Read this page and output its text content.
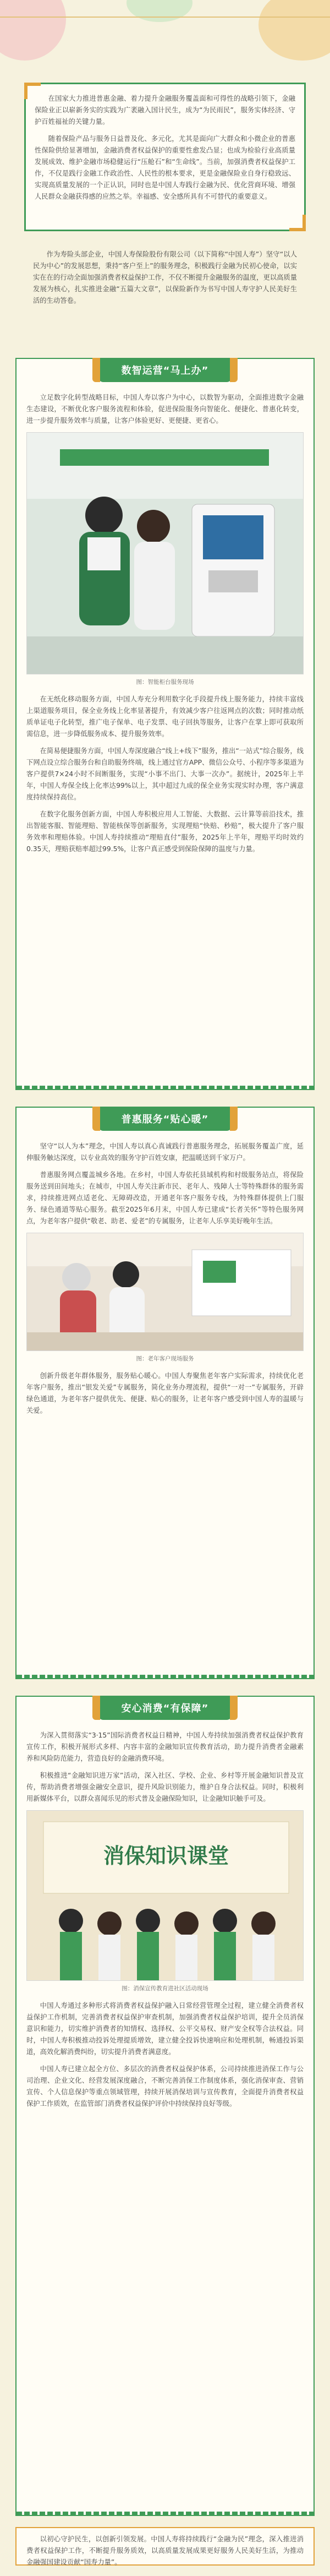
在国家大力推进普惠金融、着力提升金融服务覆盖面和可得性的战略引领下，金融保险业正以崭新务实的实践为广袤融入国计民生，成为“为民雨民”，服务实体经济、守护百姓福祉的关键力量。

随着保险产品与服务日益普及化、多元化，尤其是面向广大群众和小微企业的普惠性保险供给显著增加，金融消费者权益保护的重要性愈发凸显；也成为检验行业高质量发展成效、维护金融市场稳健运行“压舱石”和“生命线”。当前，加强消费者权益保护工作，不仅是践行金融工作政治性、人民性的根本要求，更是金融保险业自身行稳致远、实现高质量发展的一个正认识，同时也是中国人寿践行金融为民、优化营商环境、增强人民群众金融获得感的应然之举。幸福感、安全感所具有不可替代的重要意义。

作为寿险头部企业，中国人寿保险股份有限公司（以下简称“中国人寿”）坚守“以人民为中心”的发展思想，秉持“客户至上”的服务理念，积极践行金融为民初心使命，以实实在在的行动全面加强消费者权益保护工作，不仅不断提升金融服务的温度，更以高质量发展为核心，扎实推进金融“五篇大文章”，以保险新作为书写中国人寿守护人民美好生活的生动答卷。

数智运营“马上办”

立足数字化转型战略目标，中国人寿以客户为中心，以数智为驱动，全面推进数字金融生态建设，不断优化客户服务流程和体验，促进保险服务向智能化、便捷化、普惠化转变，进一步提升服务效率与质量，让客户体验更好、更便捷、更省心。

图：智能柜台服务现场

在无纸化移动服务方面，中国人寿充分利用数字化手段提升线上服务能力，持续丰富线上渠道服务项目，保全业务线上化率显著提升，有效减少客户往返网点的次数；同时推动纸质单证电子化转型，推广电子保单、电子发票、电子回执等服务，让客户在掌上即可获取所需信息，进一步降低服务成本、提升服务效率。

在简易便捷服务方面，中国人寿深度融合“线上+线下”服务，推出“一站式”综合服务，线下网点设立综合服务台和自助服务终端，线上通过官方APP、微信公众号、小程序等多渠道为客户提供7×24小时不间断服务，实现“小事不出门、大事一次办”。据统计，2025年上半年，中国人寿保全线上化率达99%以上，其中超过九成的保全业务实现实时办理，客户满意度持续保持高位。

在数字化服务创新方面，中国人寿积极应用人工智能、大数据、云计算等前沿技术，推出智能客服、智能理赔、智能核保等创新服务，实现理赔“快赔、秒赔”，极大提升了客户服务效率和理赔体验。中国人寿持续推动“理赔直付”服务，2025年上半年，理赔平均时效约0.35天，理赔获赔率超过99.5%，让客户真正感受到保险保障的温度与力量。

普惠服务“贴心暖”

坚守“以人为本”理念，中国人寿以真心真诚践行普惠服务理念，拓展服务覆盖广度，延伸服务触达深度，以专业高效的服务守护百姓安康，把温暖送到千家万户。

普惠服务网点覆盖城乡各地。在乡村，中国人寿依托县域机构和村级服务站点，将保险服务送到田间地头；在城市，中国人寿关注新市民、老年人、残障人士等特殊群体的服务需求，持续推进网点适老化、无障碍改造，开通老年客户服务专线，为特殊群体提供上门服务、绿色通道等贴心服务。截至2025年6月末，中国人寿已建成“长者关怀”等特色服务网点，为老年客户提供“敬老、助老、爱老”的专属服务，让老年人乐享美好晚年生活。

图：老年客户现场服务

创新升级老年群体服务，服务贴心暖心。中国人寿聚焦老年客户实际需求，持续优化老年客户服务，推出“银发关爱”专属服务，简化业务办理流程，提供“一对一”专属服务，开辟绿色通道，为老年客户提供优先、便捷、贴心的服务，让老年客户感受到中国人寿的温暖与关爱。

安心消费“有保障”

为深入贯彻落实“3·15”国际消费者权益日精神，中国人寿持续加强消费者权益保护教育宣传工作，积极开展形式多样、内容丰富的金融知识宣传教育活动，助力提升消费者金融素养和风险防范能力，营造良好的金融消费环境。

积极推进“金融知识进万家”活动，深入社区、学校、企业、乡村等开展金融知识普及宣传，帮助消费者增强金融安全意识，提升风险识别能力，维护自身合法权益。同时，积极利用新媒体平台，以群众喜闻乐见的形式普及金融保险知识，让金融知识触手可及。

消保知识课堂
图：消保宣传教育进社区活动现场

中国人寿通过多种形式将消费者权益保护融入日常经营管理全过程，建立健全消费者权益保护工作机制，完善消费者权益保护审查机制，加强消费者权益保护培训，提升全员消保意识和能力，切实维护消费者的知情权、选择权、公平交易权、财产安全权等合法权益。同时，中国人寿积极推动投诉处理提质增效，建立健全投诉快速响应和处理机制，畅通投诉渠道，高效化解消费纠纷，切实提升消费者满意度。

中国人寿已建立起全方位、多层次的消费者权益保护体系，公司持续推进消保工作与公司治理、企业文化、经营发展深度融合，不断完善消保工作制度体系，强化消保审查、营销宣传、个人信息保护等重点领域管理，持续开展消保培训与宣传教育，全面提升消费者权益保护工作质效，在监管部门消费者权益保护评价中持续保持良好等级。

以初心守护民生，以创新引领发展。中国人寿将持续践行“金融为民”理念，深入推进消费者权益保护工作，不断提升服务质效，以高质量发展成果更好服务人民美好生活，为推动金融强国建设贡献“国寿力量”。
